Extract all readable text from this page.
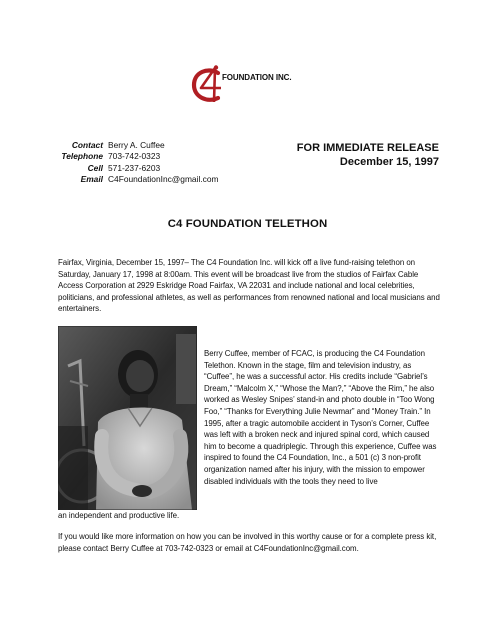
FOUNDATION INC.
Contact Berry A. Cuffee
Telephone 703-742-0323
Cell 571-237-6203
Email C4FoundationInc@gmail.com
FOR IMMEDIATE RELEASE
December 15, 1997
C4 FOUNDATION TELETHON

Fairfax, Virginia, December 15, 1997– The C4 Foundation Inc. will kick off a live fund-raising telethon on Saturday, January 17, 1998 at 8:00am. This event will be broadcast live from the studios of Fairfax Cable Access Corporation at 2929 Eskridge Road Fairfax, VA 22031 and include national and local celebrities, politicians, and professional athletes, as well as performances from renowned national and local musicians and entertainers.

Berry Cuffee, member of FCAC, is producing the C4 Foundation Telethon. Known in the stage, film and television industry, as “Cuffee”, he was a successful actor. His credits include “Gabriel’s Dream,” “Malcolm X,” “Whose the Man?,” “Above the Rim,” he also worked as Wesley Snipes’ stand-in and photo double in “Too Wong Foo,” “Thanks for Everything Julie Newmar” and “Money Train.” In 1995, after a tragic automobile accident in Tyson’s Corner, Cuffee was left with a broken neck and injured spinal cord, which caused him to become a quadriplegic. Through this experience, Cuffee was inspired to found the C4 Foundation, Inc., a 501 (c) 3 non-profit organization named after his injury, with the mission to empower disabled individuals with the tools they need to live

an independent and productive life.

If you would like more information on how you can be involved in this worthy cause or for a complete press kit, please contact Berry Cuffee at 703-742-0323 or email at C4FoundationInc@gmail.com.
